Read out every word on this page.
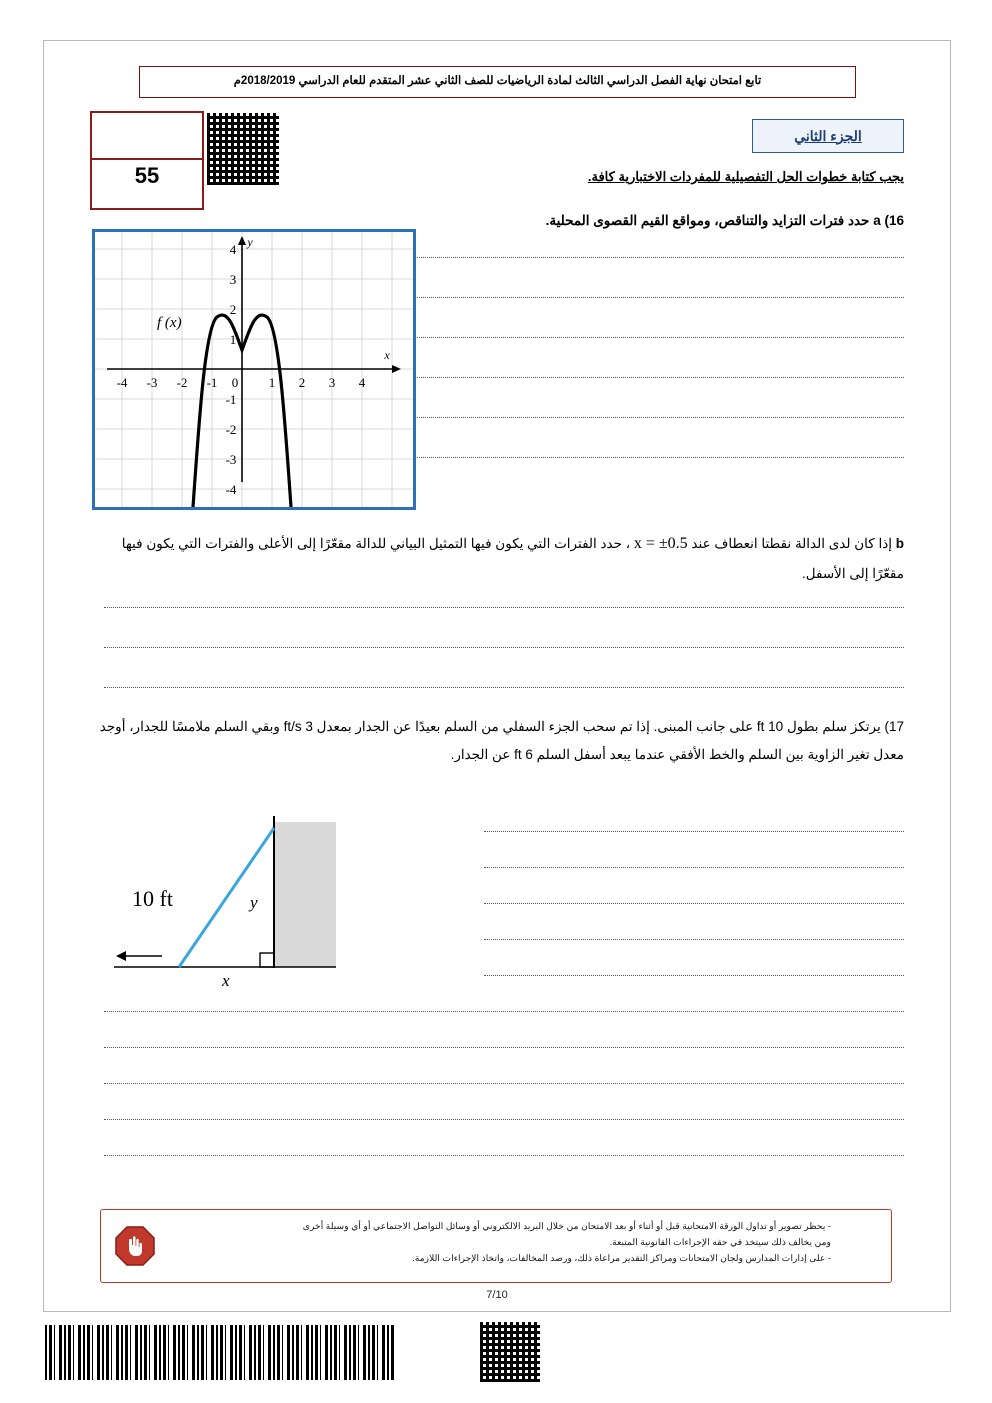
تابع امتحان نهاية الفصل الدراسي الثالث لمادة الرياضيات للصف الثاني عشر المتقدم للعام الدراسي 2018/2019م
55
الجزء الثاني
يجب كتابة خطوات الحل التفصيلية للمفردات الاختبارية كافة.
16) a حدد فترات التزايد والتناقص، ومواقع القيم القصوى المحلية.
-4 -3 -2 -1 0 1 2 3 4
1
2
3
4
-1
-2
-3
-4
x
y
f (x)
b إذا كان لدى الدالة نقطتا انعطاف عند x = ±0.5 ، حدد الفترات التي يكون فيها التمثيل البياني للدالة مقعّرًا إلى الأعلى والفترات التي يكون فيها مقعّرًا إلى الأسفل.
17) يرتكز سلم بطول 10 ft على جانب المبنى. إذا تم سحب الجزء السفلي من السلم بعيدًا عن الجدار بمعدل 3 ft/s وبقي السلم ملامسًا للجدار، أوجد معدل تغير الزاوية بين السلم والخط الأفقي عندما يبعد أسفل السلم 6 ft عن الجدار.
10 ft	y
x
- يحظر تصوير أو تداول الورقة الامتحانية قبل أو أثناء أو بعد الامتحان من خلال البريد الالكتروني أو وسائل التواصل الاجتماعي أو أي وسيلة أخرى
ومن يخالف ذلك سيتخذ في حقه الإجراءات القانونية المتبعة.
- على إدارات المدارس ولجان الامتحانات ومراكز التقدير مراعاة ذلك، ورصد المخالفات، واتخاذ الإجراءات اللازمة.
7/10
